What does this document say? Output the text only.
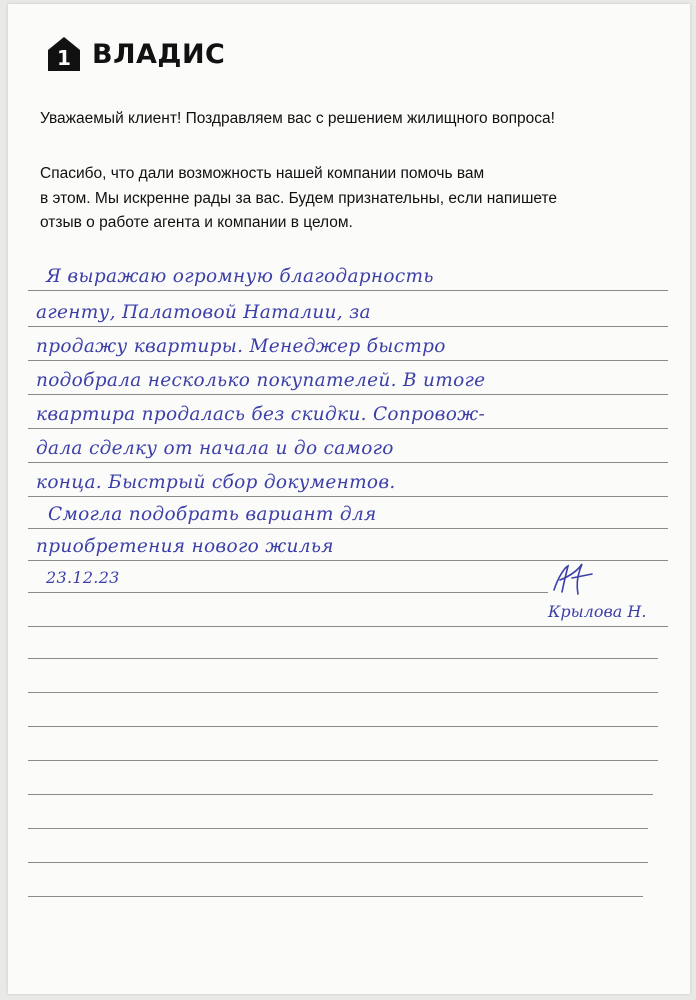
1 ВЛАДИС
Уважаемый клиент! Поздравляем вас с решением жилищного вопроса!
Спасибо, что дали возможность нашей компании помочь вам
в этом. Мы искренне рады за вас. Будем признательны, если напишете
отзыв о работе агента и компании в целом.
Я выражаю огромную благодарность
агенту, Палатовой Наталии, за
продажу квартиры. Менеджер быстро
подобрала несколько покупателей. В итоге
квартира продалась без скидки. Сопровож-
дала сделку от начала и до самого
конца. Быстрый сбор документов.
Смогла подобрать вариант для
приобретения нового жилья
23.12.23
Крылова Н.
